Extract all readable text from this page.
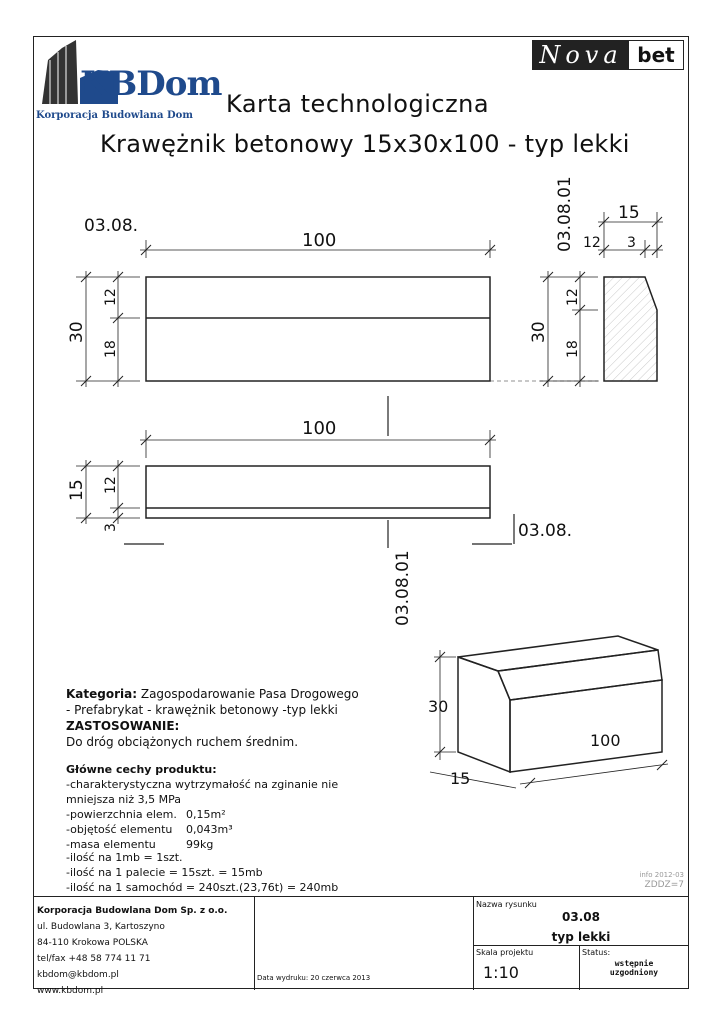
03.08.
100
30
12
18
03.08.01	15
12 3
30
12
18
100
15 12
3	03.08.
03.08.01
30
15
100
KBDom
Korporacja Budowlana Dom
Nova bet
Karta technologiczna
Krawężnik betonowy 15x30x100 - typ lekki
Kategoria: Zagospodarowanie Pasa Drogowego
- Prefabrykat - krawężnik betonowy -typ lekki
ZASTOSOWANIE:
Do dróg obciążonych ruchem średnim.
Główne cechy produktu:
-charakterystyczna wytrzymałość na zginanie nie
mniejsza niż 3,5 MPa
-powierzchnia elem. 0,15m²
-objętość elementu	0,043m³
-masa elementu	99kg
-ilość na 1mb = 1szt.
-ilość na 1 palecie = 15szt. = 15mb
-ilość na 1 samochód = 240szt.(23,76t) = 240mb
info 2012-03
ZDDZ=7
Korporacja Budowlana Dom Sp. z o.o.
ul. Budowlana 3, Kartoszyno
84-110 Krokowa POLSKA
tel/fax +48 58 774 11 71
kbdom@kbdom.pl
www.kbdom.pl
Data wydruku: 20 czerwca 2013
Nazwa rysunku
03.08
typ lekki
Skala projektu
1:10
Status:
wstępnie
uzgodniony
